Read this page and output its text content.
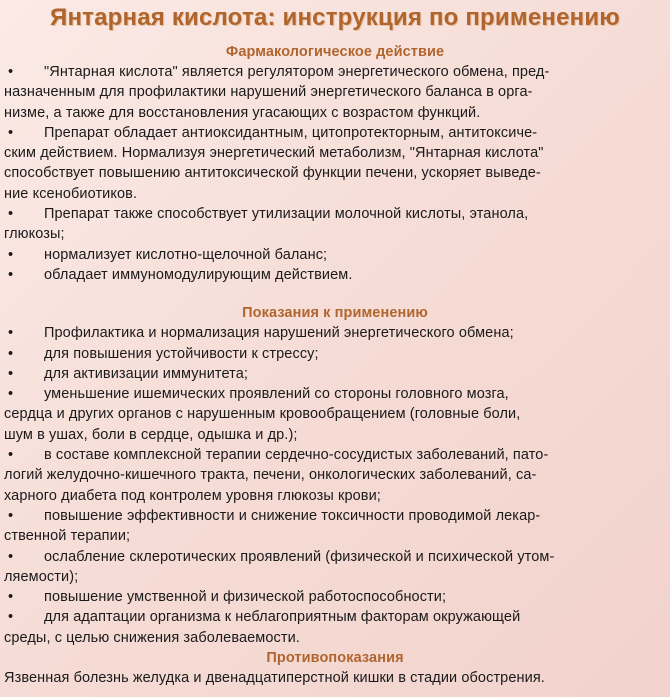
Янтарная кислота: инструкция по применению
Фармакологическое действие
•	"Янтарная кислота" является регулятором энергетического обмена, пред-

назначенным для профилактики нарушений энергетического баланса в орга-

низме, а также для восстановления угасающих с возрастом функций.

•	Препарат обладает антиоксидантным, цитопротекторным, антитоксиче-

ским действием. Нормализуя энергетический метаболизм, "Янтарная кислота"

способствует повышению антитоксической функции печени, ускоряет выведе-

ние ксенобиотиков.

•	Препарат также способствует утилизации молочной кислоты, этанола,

глюкозы;

•	нормализует кислотно-щелочной баланс;
•	обладает иммуномодулирующим действием.
Показания к применению
•	Профилактика и нормализация нарушений энергетического обмена;
•	для повышения устойчивости к стрессу;
•	для активизации иммунитета;
•	уменьшение ишемических проявлений со стороны головного мозга,

сердца и других органов с нарушенным кровообращением (головные боли,

шум в ушах, боли в сердце, одышка и др.);

•	в составе комплексной терапии сердечно-сосудистых заболеваний, пато-

логий желудочно-кишечного тракта, печени, онкологических заболеваний, са-

харного диабета под контролем уровня глюкозы крови;

•	повышение эффективности и снижение токсичности проводимой лекар-

ственной терапии;

•	ослабление склеротических проявлений (физической и психической утом-

ляемости);

•	повышение умственной и физической работоспособности;
•	для адаптации организма к неблагоприятным факторам окружающей

среды, с целью снижения заболеваемости.

Противопоказания

Язвенная болезнь желудка и двенадцатиперстной кишки в стадии обострения.
